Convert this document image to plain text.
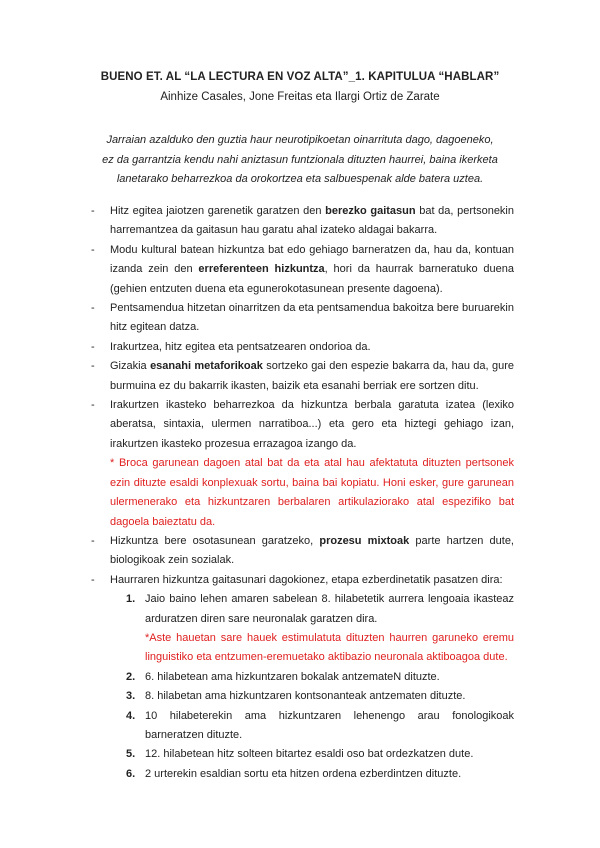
BUENO ET. AL “LA LECTURA EN VOZ ALTA”_1. KAPITULUA “HABLAR”
Ainhize Casales, Jone Freitas eta Ilargi Ortiz de Zarate
Jarraian azalduko den guztia haur neurotipikoetan oinarrituta dago, dagoeneko, ez da garrantzia kendu nahi aniztasun funtzionala dituzten haurrei, baina ikerketa lanetarako beharrezkoa da orokortzea eta salbuespenak alde batera uztea.
- Hitz egitea jaiotzen garenetik garatzen den berezko gaitasun bat da, pertsonekin harremantzea da gaitasun hau garatu ahal izateko aldagai bakarra.
- Modu kultural batean hizkuntza bat edo gehiago barneratzen da, hau da, kontuan izanda zein den erreferenteen hizkuntza, hori da haurrak barneratuko duena (gehien entzuten duena eta egunerokotasunean presente dagoena).
- Pentsamendua hitzetan oinarritzen da eta pentsamendua bakoitza bere buruarekin hitz egitean datza.
- Irakurtzea, hitz egitea eta pentsatzearen ondorioa da.
- Gizakia esanahi metaforikoak sortzeko gai den espezie bakarra da, hau da, gure burmuina ez du bakarrik ikasten, baizik eta esanahi berriak ere sortzen ditu.
- Irakurtzen ikasteko beharrezkoa da hizkuntza berbala garatuta izatea (lexiko aberatsa, sintaxia, ulermen narratiboa...) eta gero eta hiztegi gehiago izan, irakurtzen ikasteko prozesua errazagoa izango da.
* Broca garunean dagoen atal bat da eta atal hau afektatuta dituzten pertsonek ezin dituzte esaldi konplexuak sortu, baina bai kopiatu. Honi esker, gure garunean ulermenerako eta hizkuntzaren berbalaren artikulaziorako atal espezifiko bat dagoela baieztatu da.
- Hizkuntza bere osotasunean garatzeko, prozesu mixtoak parte hartzen dute, biologikoak zein sozialak.
- Haurraren hizkuntza gaitasunari dagokionez, etapa ezberdinetatik pasatzen dira:
1. Jaio baino lehen amaren sabelean 8. hilabetetik aurrera lengoaia ikasteaz arduratzen diren sare neuronalak garatzen dira.
*Aste hauetan sare hauek estimulatuta dituzten haurren garuneko eremu linguistiko eta entzumen-eremuetako aktibazio neuronala aktiboagoa dute.
2. 6. hilabetean ama hizkuntzaren bokalak antzemateN dituzte.
3. 8. hilabetan ama hizkuntzaren kontsonanteak antzematen dituzte.
4. 10 hilabeterekin ama hizkuntzaren lehenengo arau fonologikoak barneratzen dituzte.
5. 12. hilabetean hitz solteen bitartez esaldi oso bat ordezkatzen dute.
6. 2 urterekin esaldian sortu eta hitzen ordena ezberdintzen dituzte.
